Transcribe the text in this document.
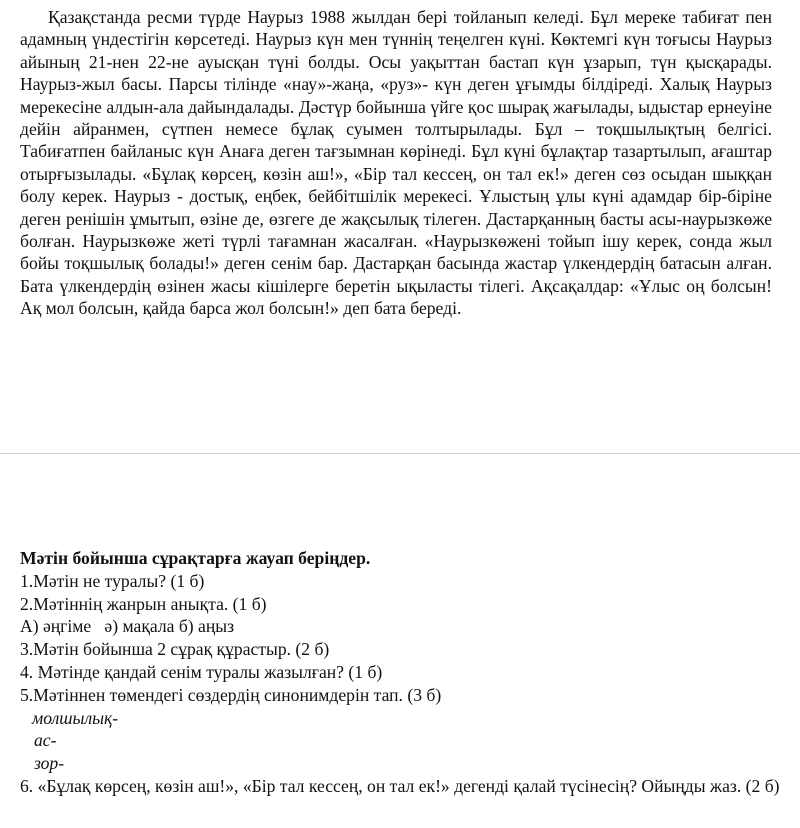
Қазақстанда ресми түрде Наурыз 1988 жылдан бері тойланып келеді. Бұл мереке табиғат пен адамның үндестігін көрсетеді. Наурыз күн мен түннің теңелген күні. Көктемгі күн тоғысы Наурыз айының 21-нен 22-не ауысқан түні болды. Осы уақыттан бастап күн ұзарып, түн қысқарады. Наурыз-жыл басы. Парсы тілінде «нау»-жаңа, «руз»- күн деген ұғымды білдіреді. Халық Наурыз мерекесіне алдын-ала дайындалады. Дәстүр бойынша үйге қос шырақ жағылады, ыдыстар ернеуіне дейін айранмен, сүтпен немесе бұлақ суымен толтырылады. Бұл – тоқшылықтың белгісі. Табиғатпен байланыс күн Анаға деген тағзымнан көрінеді. Бұл күні бұлақтар тазартылып, ағаштар отырғызылады. «Бұлақ көрсең, көзін аш!», «Бір тал кессең, он тал ек!» деген сөз осыдан шыққан болу керек. Наурыз - достық, еңбек, бейбітшілік мерекесі. Ұлыстың ұлы күні адамдар бір-біріне деген ренішін ұмытып, өзіне де, өзгеге де жақсылық тілеген. Дастарқанның басты асы-наурызкөже болған. Наурызкөже жеті түрлі тағамнан жасалған. «Наурызкөжені тойып ішу керек, сонда жыл бойы тоқшылық болады!» деген сенім бар. Дастарқан басында жастар үлкендердің батасын алған. Бата үлкендердің өзінен жасы кішілерге беретін ықыласты тілегі. Ақсақалдар: «Ұлыс оң болсын! Ақ мол болсын, қайда барса жол болсын!» деп бата береді.

Мәтін бойынша сұрақтарға жауап беріңдер.
1.Мәтін не туралы? (1 б)
2.Мәтіннің жанрын анықта. (1 б)
А) әңгіме   ә) мақала б) аңыз
3.Мәтін бойынша 2 сұрақ құрастыр. (2 б)
4. Мәтінде қандай сенім туралы жазылған? (1 б)
5.Мәтіннен төмендегі сөздердің синонимдерін тап. (3 б)
молшылық-
ас-
зор-
6. «Бұлақ көрсең, көзін аш!», «Бір тал кессең, он тал ек!» дегенді қалай түсінесің? Ойыңды жаз. (2 б)
